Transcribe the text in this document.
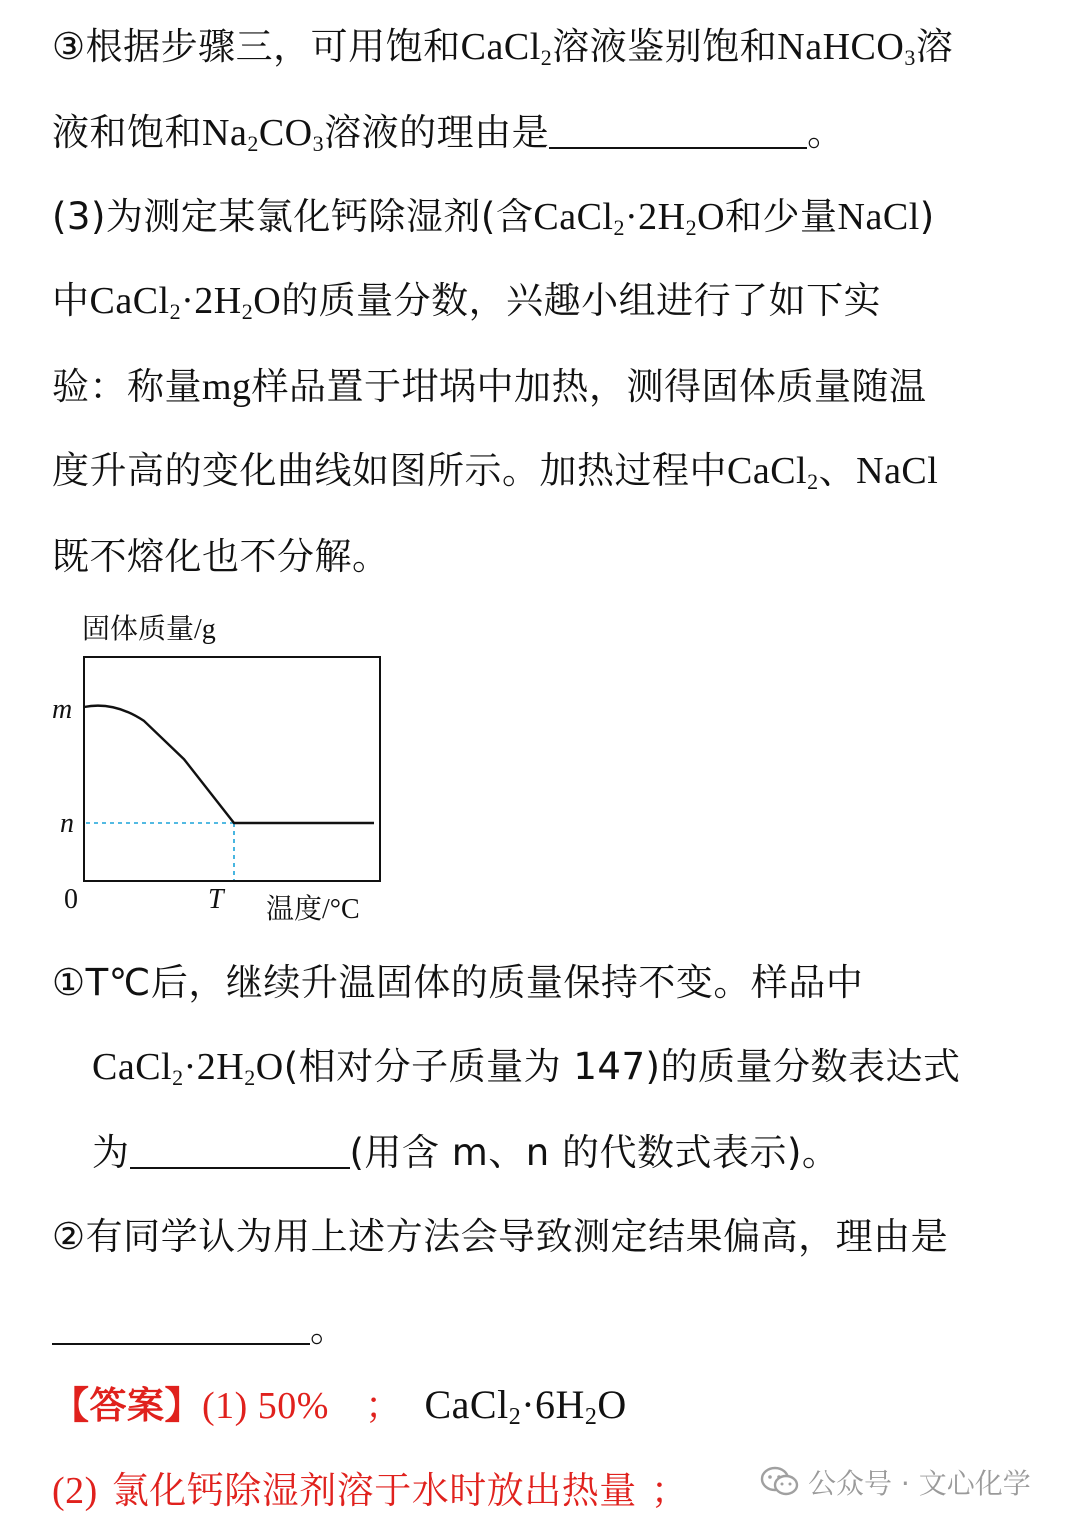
③根据步骤三，可用饱和CaCl$_2$溶液鉴别饱和NaHCO$_3$溶
液和饱和$Na_2CO_3$溶液的理由是	。
(3)为测定某氯化钙除湿剂(含$CaCl_2\cdot 2H_2O$和少量NaCl)
中$CaCl_2\cdot 2H_2O$的质量分数，兴趣小组进行了如下实
验：称量mg样品置于坩埚中加热，测得固体质量随温
度升高的变化曲线如图所示。加热过程中CaCl$_2$、NaCl
既不熔化也不分解。
固体质量/g
m
n
0	T 温度/°C
①T℃后，继续升温固体的质量保持不变。样品中
$CaCl_2\cdot 2H_2O$(相对分子质量为 147)的质量分数表达式
为	(用含 m、n 的代数式表示)。
②有同学认为用上述方法会导致测定结果偏高，理由是
。
【答案】(1) 50% ； $CaCl_2\cdot 6H_2O$
(2) 氯化钙除湿剂溶于水时放出热量 ；	公众号 · 文心化学
